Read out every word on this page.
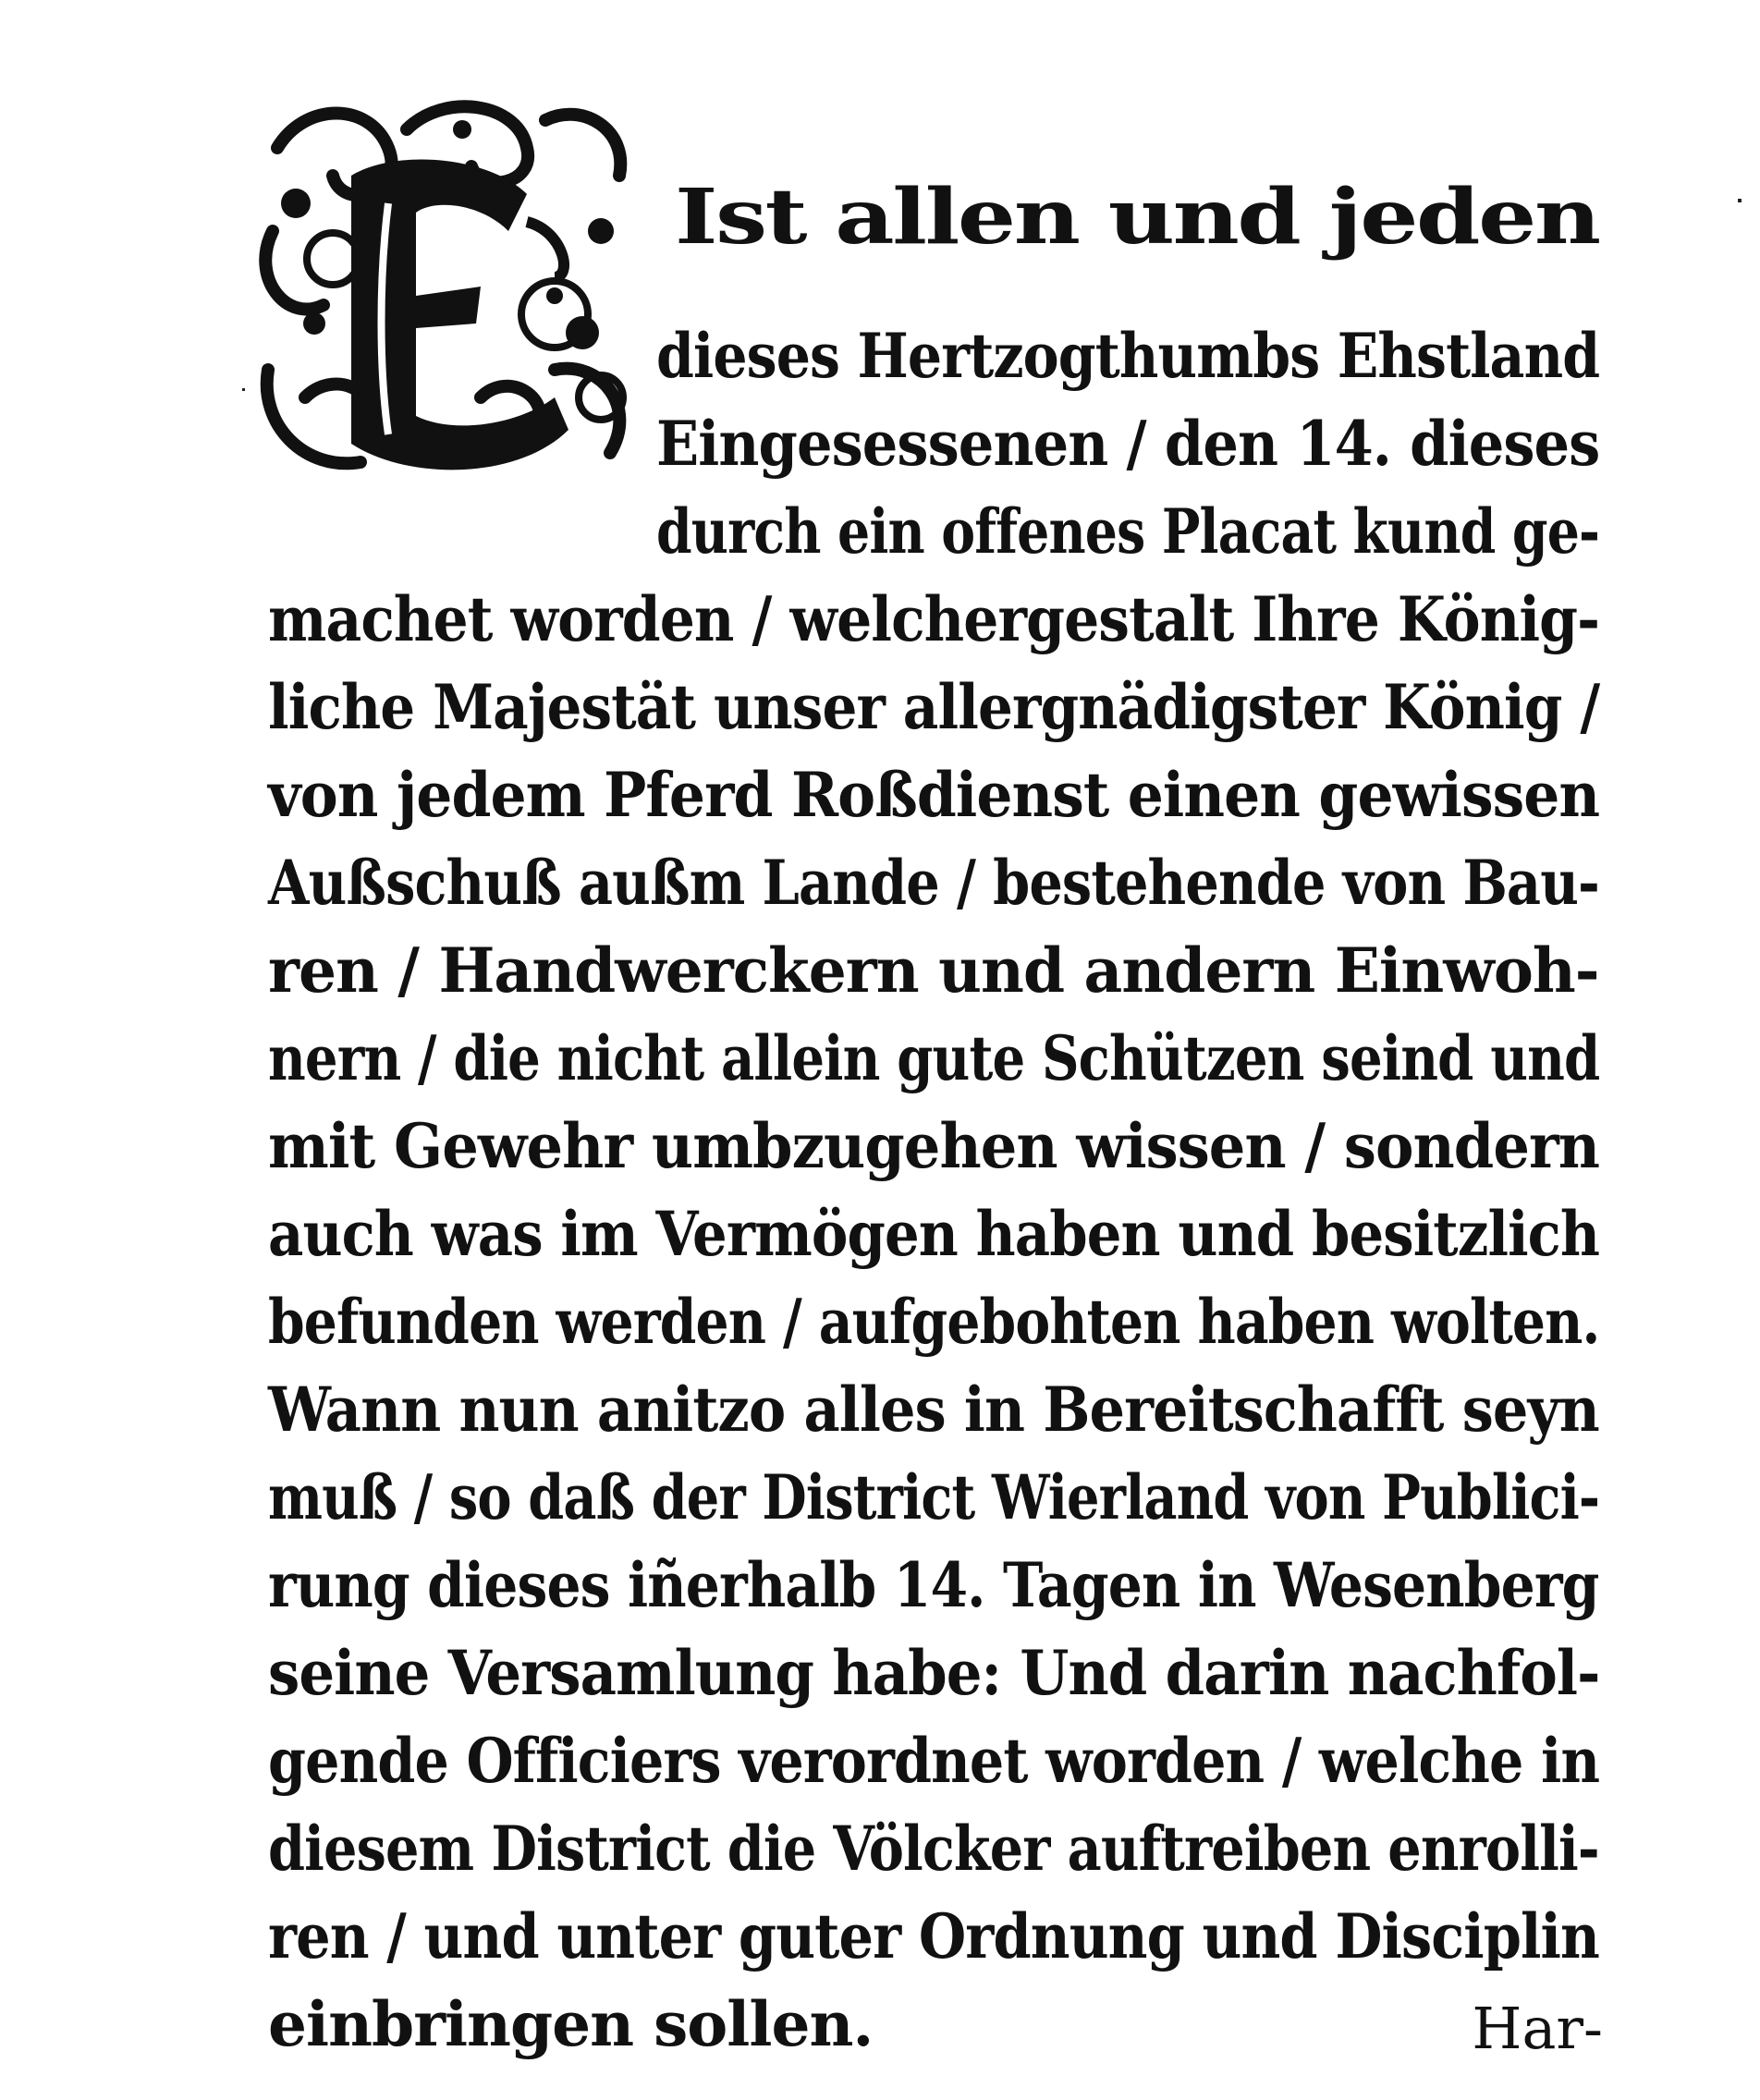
Ist allen und jeden
dieses Hertzogthumbs Ehstland
Eingesessenen / den 14. dieses
durch ein offenes Placat kund ge-
machet worden / welchergestalt Ihre König-
liche Majestät unser allergnädigster König /
von jedem Pferd Roßdienst einen gewissen
Außschuß außm Lande / bestehende von Bau-
ren / Handwerckern und andern Einwoh-
nern / die nicht allein gute Schützen seind und
mit Gewehr umbzugehen wissen / sondern
auch was im Vermögen haben und besitzlich
befunden werden / aufgebohten haben wolten.
Wann nun anitzo alles in Bereitschafft seyn
muß / so daß der District Wierland von Publici-
rung dieses iñerhalb 14. Tagen in Wesenberg
seine Versamlung habe: Und darin nachfol-
gende Officiers verordnet worden / welche in
diesem District die Völcker auftreiben enrolli-
ren / und unter guter Ordnung und Disciplin
einbringen sollen.	Har-
